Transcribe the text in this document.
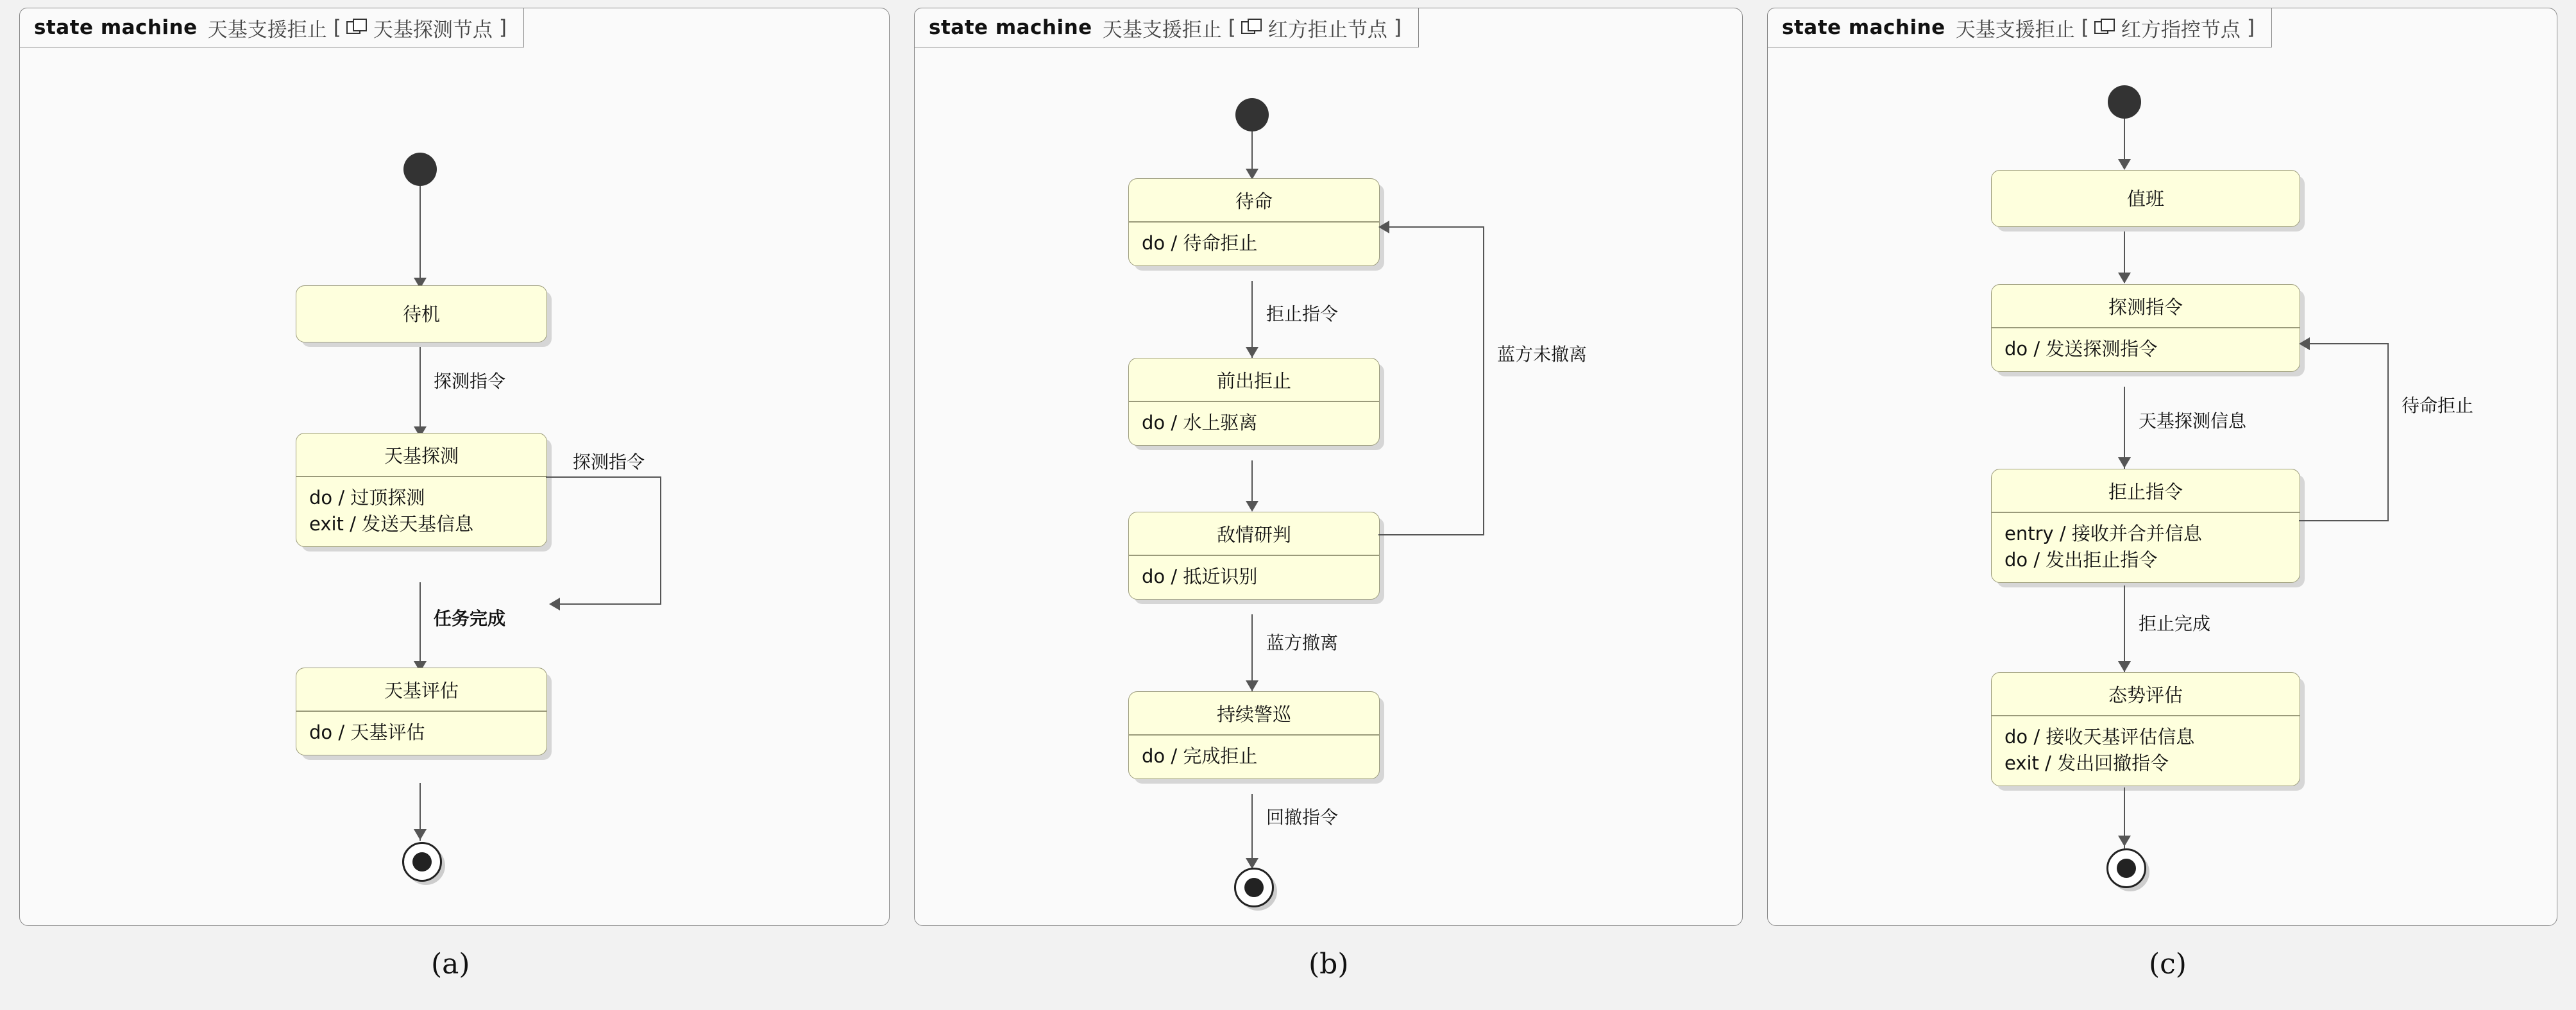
state machine 天基支援拒止 [ 天基探测节点 ]
待机
探测指令
天基探测
do / 过顶探测
exit / 发送天基信息
探测指令
任务完成
天基评估
do / 天基评估
state machine 天基支援拒止 [ 红方拒止节点 ]
待命
do / 待命拒止
拒止指令
前出拒止
do / 水上驱离
敌情研判
do / 抵近识别
蓝方未撤离
蓝方撤离
持续警巡
do / 完成拒止
回撤指令
state machine 天基支援拒止 [ 红方指控节点 ]
值班
探测指令
do / 发送探测指令
天基探测信息
拒止指令
entry / 接收并合并信息
do / 发出拒止指令
待命拒止
拒止完成
态势评估
do / 接收天基评估信息
exit / 发出回撤指令
(a)	(b)	(c)
